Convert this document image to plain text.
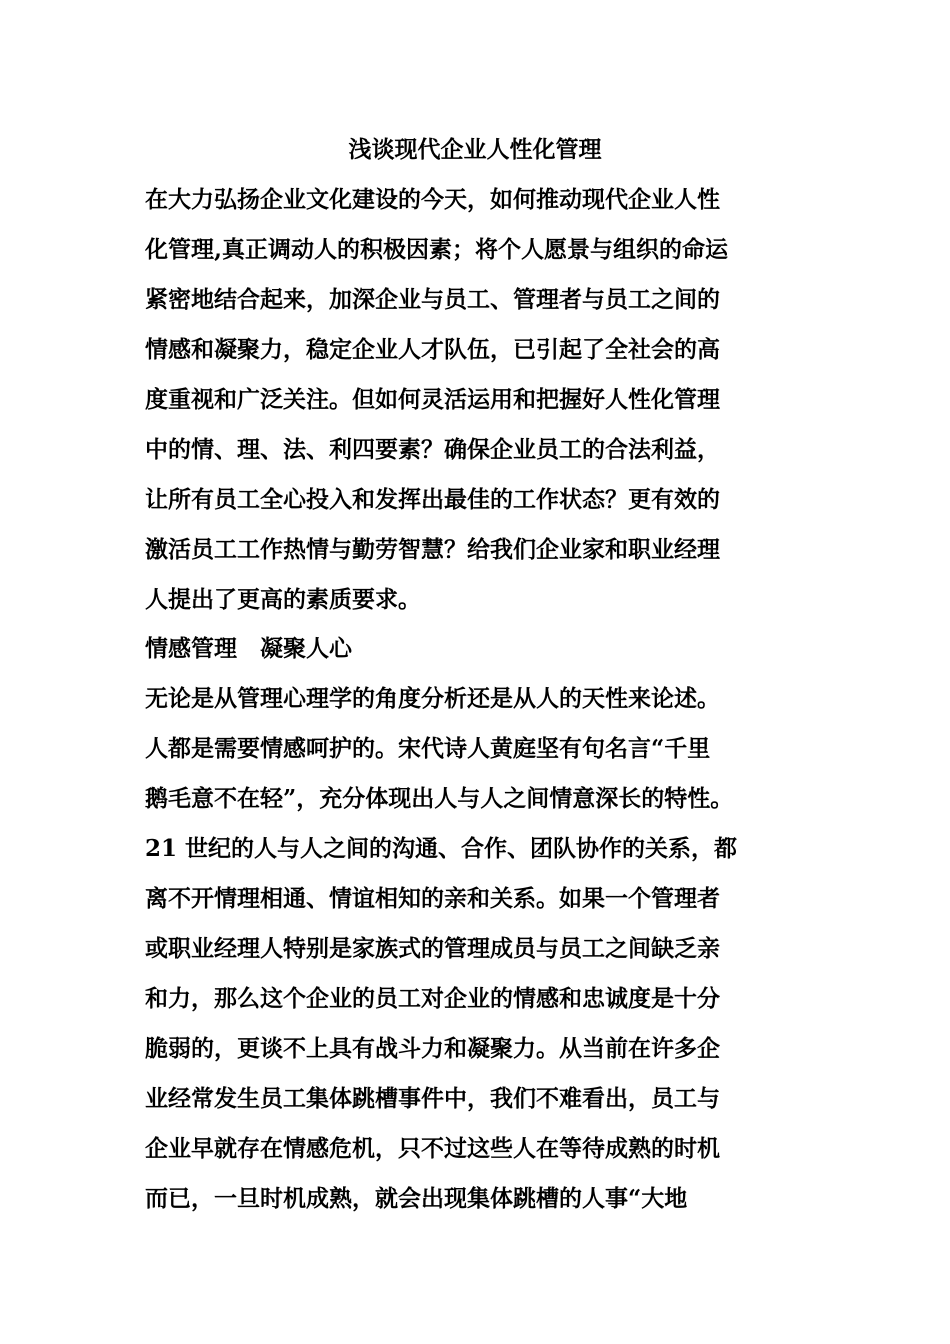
浅谈现代企业人性化管理
在大力弘扬企业文化建设的今天，如何推动现代企业人性
化管理,真正调动人的积极因素；将个人愿景与组织的命运
紧密地结合起来，加深企业与员工、管理者与员工之间的
情感和凝聚力，稳定企业人才队伍，已引起了全社会的高
度重视和广泛关注。但如何灵活运用和把握好人性化管理
中的情、理、法、利四要素？确保企业员工的合法利益，
让所有员工全心投入和发挥出最佳的工作状态？更有效的
激活员工工作热情与勤劳智慧？给我们企业家和职业经理
人提出了更高的素质要求。
情感管理　凝聚人心
无论是从管理心理学的角度分析还是从人的天性来论述。
人都是需要情感呵护的。宋代诗人黄庭坚有句名言“千里
鹅毛意不在轻”，充分体现出人与人之间情意深长的特性。
21 世纪的人与人之间的沟通、合作、团队协作的关系，都
离不开情理相通、情谊相知的亲和关系。如果一个管理者
或职业经理人特别是家族式的管理成员与员工之间缺乏亲
和力，那么这个企业的员工对企业的情感和忠诚度是十分
脆弱的，更谈不上具有战斗力和凝聚力。从当前在许多企
业经常发生员工集体跳槽事件中，我们不难看出，员工与
企业早就存在情感危机，只不过这些人在等待成熟的时机
而已，一旦时机成熟，就会出现集体跳槽的人事“大地
